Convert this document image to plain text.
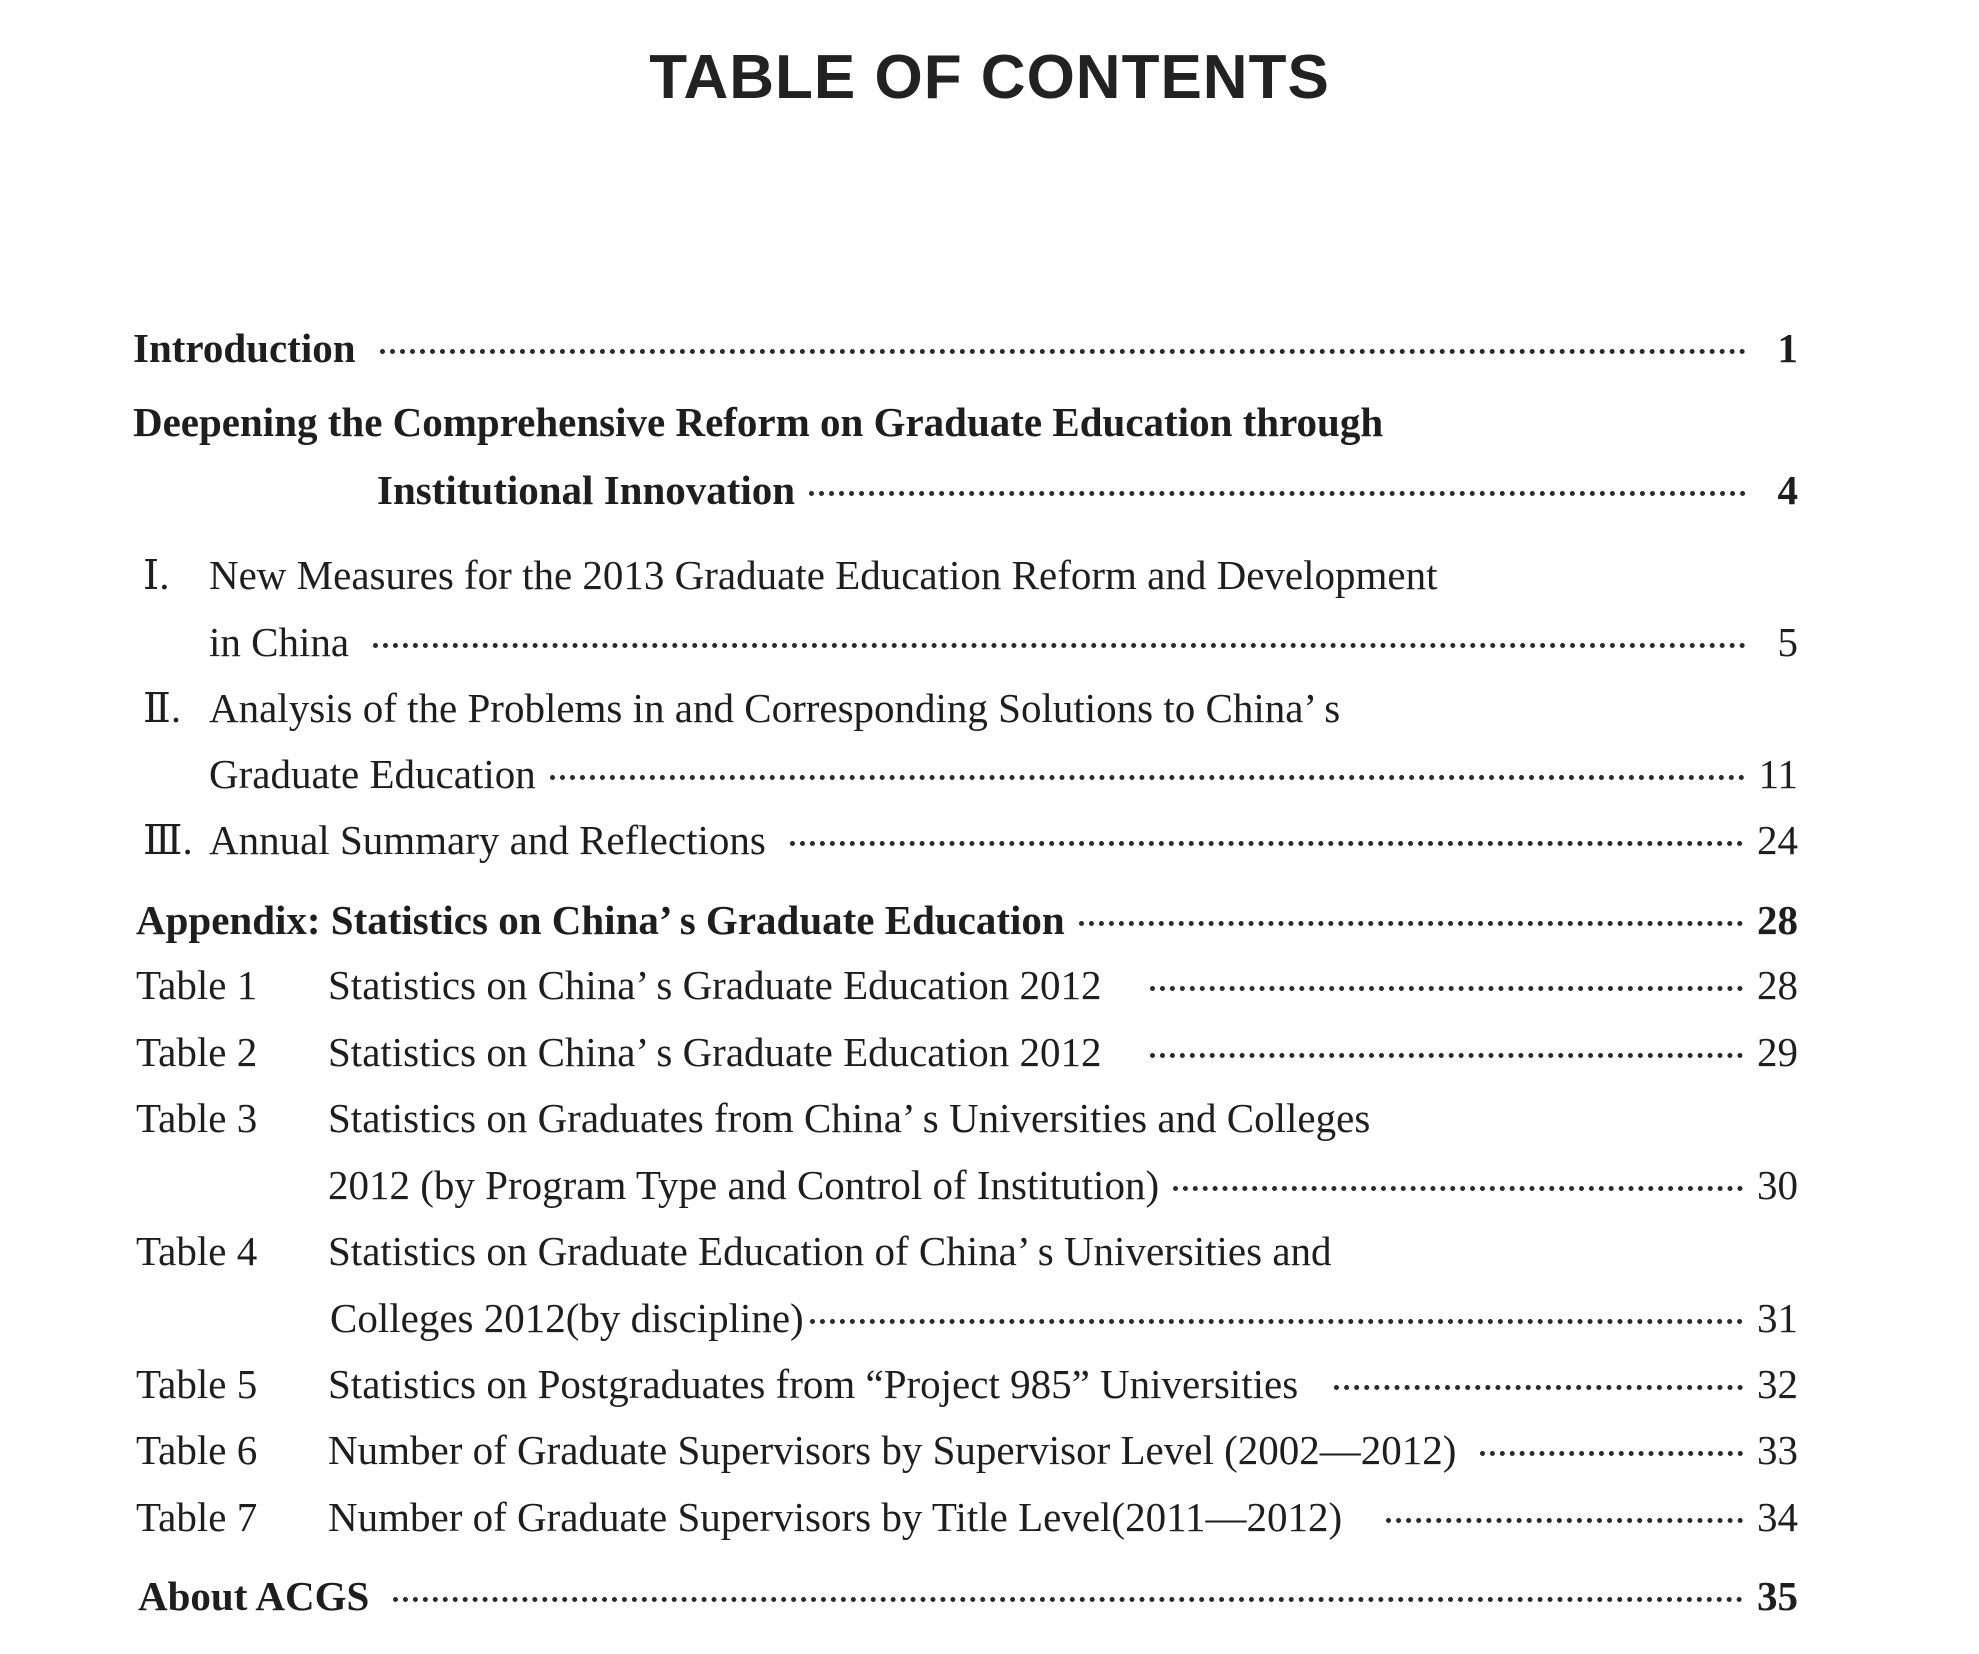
TABLE OF CONTENTS
Introduction	1
Deepening the Comprehensive Reform on Graduate Education through
Institutional Innovation	4
Ⅰ. New Measures for the 2013 Graduate Education Reform and Development
in China	5
Ⅱ. Analysis of the Problems in and Corresponding Solutions to China’ s
Graduate Education	11
Ⅲ. Annual Summary and Reflections	24
Appendix: Statistics on China’ s Graduate Education	28
Table 1	Statistics on China’ s Graduate Education 2012	28
Table 2	Statistics on China’ s Graduate Education 2012	29
Table 3	Statistics on Graduates from China’ s Universities and Colleges
2012 (by Program Type and Control of Institution)	30
Table 4	Statistics on Graduate Education of China’ s Universities and
Colleges 2012(by discipline)	31
Table 5	Statistics on Postgraduates from “Project 985” Universities	32
Table 6	Number of Graduate Supervisors by Supervisor Level (2002—2012)	33
Table 7	Number of Graduate Supervisors by Title Level(2011—2012)	34
About ACGS	35
